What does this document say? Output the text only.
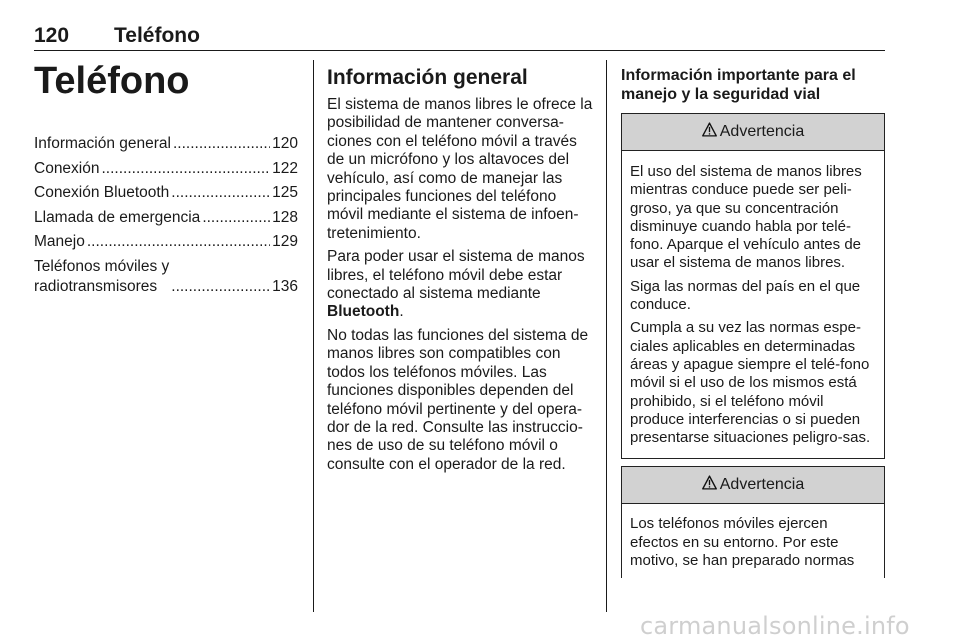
120 Teléfono
Teléfono
Información general .....	120
Conexión .....	122
Conexión Bluetooth .....	125
Llamada de emergencia .....	128
Manejo .....	129
Teléfonos móviles y
radiotransmisores .....	136
Información general

El sistema de manos libres le ofrece la posibilidad de mantener conversa-ciones con el teléfono móvil a través de un micrófono y los altavoces del vehículo, así como de manejar las principales funciones del teléfono móvil mediante el sistema de infoen-tretenimiento.

Para poder usar el sistema de manos libres, el teléfono móvil debe estar conectado al sistema mediante Bluetooth.

No todas las funciones del sistema de manos libres son compatibles con todos los teléfonos móviles. Las funciones disponibles dependen del teléfono móvil pertinente y del opera-dor de la red. Consulte las instruccio-nes de uso de su teléfono móvil o consulte con el operador de la red.

Información importante para el manejo y la seguridad vial
Advertencia

El uso del sistema de manos libres mientras conduce puede ser peli-groso, ya que su concentración disminuye cuando habla por telé-fono. Aparque el vehículo antes de usar el sistema de manos libres.

Siga las normas del país en el que conduce.

Cumpla a su vez las normas espe-ciales aplicables en determinadas áreas y apague siempre el telé-fono móvil si el uso de los mismos está prohibido, si el teléfono móvil produce interferencias o si pueden presentarse situaciones peligro-sas.

Advertencia

Los teléfonos móviles ejercen efectos en su entorno. Por este motivo, se han preparado normas

carmanualsonline.info
